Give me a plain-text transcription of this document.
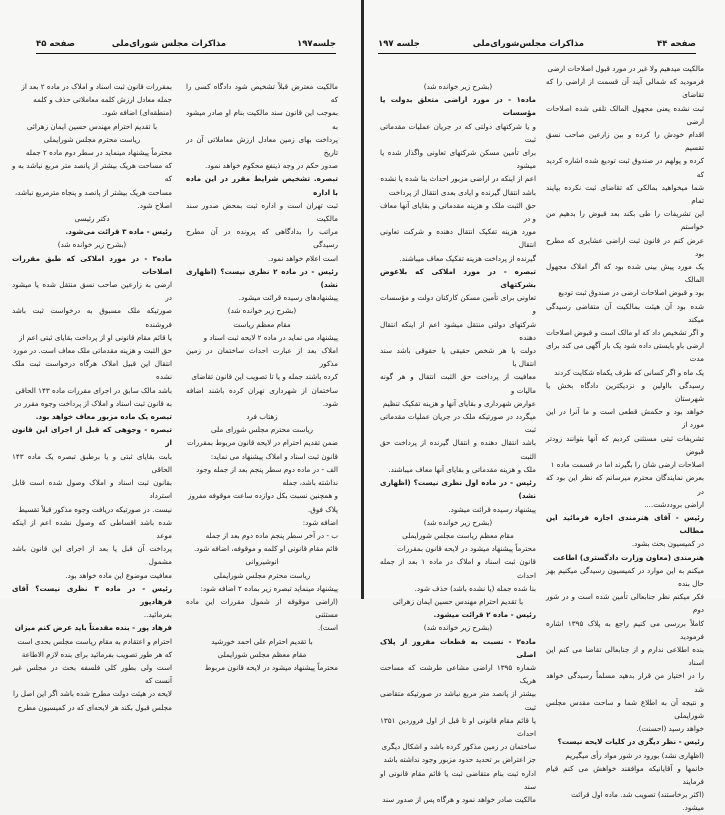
جلسه۱۹۷
مذاکرات مجلس شورای‌ملی
صفحه ۴۵

مالکیت معترض قبلاً تشخیص شود دادگاه کسی را که

بموجب این قانون سند مالکیت بنام او صادر میشود به

پرداخت بهای زمین معادل ارزش معاملاتی آن در تاریخ

صدور حکم در وجه ذینفع محکوم خواهد نمود.

تبصره. تشخیص شرایط مقرر در این ماده با اداره

ثبت تهران است و اداره ثبت بمحض صدور سند مالکیت

مراتب را بدادگاهی که پرونده در آن مطرح رسیدگی

است اعلام خواهد نمود.

رئیس - در ماده ۲ نظری نیست؟ (اظهاری نشد)

پیشنهادهای رسیده قرائت میشود.

(بشرح زیر خوانده شد)

مقام معظم ریاست

پیشنهاد می نماید در ماده ۲ لایحه ثبت اسناد و

املاک بعد از عبارت احداث ساختمان در زمین مذکور

کرده باشند جمله و یا تا تصویب این قانون تقاضای

ساختمان از شهرداری تهران کرده باشند اضافه شود.

زهتاب فرد

ریاست محترم مجلس شورای ملی

ضمن تقدیم احترام در لایحه قانون مربوط بمقررات

قانون ثبت اسناد و املاک پیشنهاد می نماید:

الف - در ماده دوم سطر پنجم بعد از جمله وجود

نداشته باشد، جمله

و همچنین نسبت بکل دوازده ساعت موقوفه مفروز

پلاک فوق.

اضافه شود:

ب - در آخر سطر پنجم ماده دوم بعد از جمله

قائم مقام قانونی او کلمه و موقوفه، اضافه شود.

انوشیروانی

ریاست محترم مجلس شورایملی

پیشنهاد مینماید تبصره زیر بماده ۲ اضافه شود:

(اراضی موقوفه از شمول مقررات این ماده مستثنی

است).

با تقدیم احترام علی احمد خورشید

مقام معظم مجلس شورایملی

محترماً پیشنهاد میشود در لایحه قانون مربوط

بمقررات قانون ثبت اسناد و املاک در ماده ۲ بعد از

جمله معادل ارزش کلمه معاملاتی حذف و کلمه

(منطقه‌ای) اضافه شود.

با تقدیم احترام مهندس حسین ایمان زهرائی

ریاست محترم مجلس شورایملی

محترماً پیشنهاد مینماید در سطر دوم ماده ۲ جمله

که مساحت هریک بیشتر از پانصد متر مربع نباشد به و که

مساحت هریک بیشتر از پانصد و پنجاه مترمربع نباشد،

اصلاح شود.

دکتر رئیسی

رئیس - ماده ۳ قرائت می‌شود.

(بشرح زیر خوانده شد)

ماده۳ - در مورد املاکی که طبق مقررات اصلاحات

ارضی به زارعین صاحب نسق منتقل شده یا میشود در

صورتیکه ملک مسبوق به درخواست ثبت باشد فروشنده

یا قائم مقام قانونی او از پرداخت بقایای ثبتی اعم از

حق الثبت و هزینه مقدماتی ملک معاف است. در مورد

انتقال این قبیل املاک هرگاه درخواست ثبت ملک نشده

باشد مالک سابق در اجرای مقررات ماده ۱۴۳ الحاقی

به قانون ثبت اسناد و املاک از پرداخت وجوه مقرر در

تبصره یک ماده مزبور معاف خواهد بود.

تبصره - وجوهی که قبل از اجرای این قانون از

بابت بقایای ثبتی و یا برطبق تبصره یک ماده ۱۴۳ الحاقی

بقانون ثبت اسناد و املاک وصول شده است قابل استرداد

نیست. در صورتیکه دریافت وجوه مذکور قبلاً تقسیط

شده باشد اقساطی که وصول نشده اعم از اینکه موعد

پرداخت آن قبل یا بعد از اجرای این قانون باشد مشمول

معافیت موضوع این ماده خواهد بود.

رئیس - در ماده ۳ نظری نیست؟ آقای فرهادپور

بفرمائید..

فرهاد پور - بنده مقدمتاً باید عرض کنم میزان

احترام و اعتقادم به مقام ریاست مجلس بحدی است

که هر طور تصویب بفرمائید برای بنده لازم الاطاعة

است ولی بطور کلی فلسفه بحث در مجلس غیر آنست که

لایحه در هیئت دولت مطرح شده باشد اگر این اصل را

مجلس قبول بکند هر لایحه‌ای که در کمیسیون مطرح

صفحه ۴۴
مذاکرات مجلس‌شورای‌ملی
جلسه ۱۹۷

مالکیت میدهیم ولا غیر در مورد قبول اصلاحات ارضی

فرمودید که شمالی آیند آن قسمت از اراضی را که تقاضای

ثبت نشده یعنی مجهول المالک تلقی شده اصلاحات ارضی

اقدام خودش را کرده و بین زارعین صاحب نسق تقسیم

کرده و پولهم در صندوق ثبت تودیع شده اشاره کردید که

شما میخواهید بمالکی که تقاضای ثبت نکرده بپایند تمام

این تشریفات را طی بکند بعد قبوض را بدهیم من خواستم

عرض کنم در قانون ثبت اراضی عشایری که مطرح بود

یک مورد پیش بینی شده بود که اگر املاک مجهول المالک

بود و قبوض اصلاحات ارضی در صندوق ثبت تودیع

شده بود آن هیئت بمالکیت آن متقاضی رسیدگی میکند

و اگر تشخیص داد که او مالک است و قبوض اصلاحات

ارضی باو بایستی داده شود یک بار آگهی می کند برای مدت

یک ماه و اگر کسانی که طرف یکماه شکایت کردند

رسیدگی بااولین و نزدیکترین دادگاه بخش یا شهرستان

خواهد بود و حکمش قطعی است و ما آنرا در این مورد از

تشریفات ثبتی مستثنی کردیم که آنها بتوانند زودتر قبوض

اصلاحات ارضی شان را بگیرند اما در قسمت ماده ۱

بعرض نمایندگان محترم میرسانم که نظر این بود که در

اراضی بروددشت....

رئیس - آقای هنرمندی اجازه فرمائید این مطالب

در کمیسیون بحث بشود.

هنرمندی (معاون وزارت دادگستری) اطاعت

میکنم به این موارد در کمیسیون رسیدگی میکنیم بهر حال بنده

فکر میکنم نظر جنابعالی تأمین شده است و در شور دوم

کاملاً بررسی می کنیم راجع به پلاک ۱۳۹۵ اشاره فرمودید

بنده اطلاعی ندارم و از جنابعالی تقاضا می کنم این اسناد

را در اختیار من قرار بدهید مسلماً رسیدگی خواهد شد

و نتیجه آن به اطلاع شما و ساحت مقدس مجلس شورایملی

خواهد رسید (احسنت).

رئیس - نظر دیگری در کلیات لایحه نیست؟

(اظهاری نشد) بورود در شور مواد رأی میگیریم

خانمها و آقایانیکه موافقند خواهش می کنم قیام فرمایند

(اکثر برخاستند) تصویب شد. ماده اول قرائت

میشود.

(بشرح زیر خوانده شد)

ماده۱ - در مورد اراضی متعلق بدولت یا مؤسسات

و یا شرکتهای دولتی که در جریان عملیات مقدماتی ثبت

برای تأمین مسکن شرکتهای تعاونی واگذار شده یا میشود

اعم از اینکه در اراضی مزبور احداث بنا شده یا نشده

باشد انتقال گیرنده و ایادی بعدی انتقال از پرداخت

حق الثبت ملک و هزینه مقدماتی و بقایای آنها معاف و در

مورد هزینه تفکیک انتقال دهنده و شرکت تعاونی انتقال

گیرنده از پرداخت هزینه تفکیک معاف میباشند.

تبصره - در مورد املاکی که بلاعوض بشرکتهای

تعاونی برای تأمین مسکن کارکنان دولت و مؤسسات و

شرکتهای دولتی منتقل میشود اعم از اینکه انتقال دهنده

دولت یا هر شخص حقیقی یا حقوقی باشد سند انتقال با

معافیت از پرداخت حق الثبت انتقال و هر گونه مالیات و

عوارض شهرداری و بقایای آنها و هزینه تفکیک تنظیم

میگردد در صورتیکه ملک در جریان عملیات مقدماتی ثبت

باشد انتقال دهنده و انتقال گیرنده از پرداخت حق الثبت

ملک و هزینه مقدماتی و بقایای آنها معاف میباشند.

رئیس - در ماده اول نظری نیست؟ (اظهاری نشد)

پیشنهاد رسیده قرائت میشود.

(بشرح زیر خوانده شد)

مقام معظم ریاست مجلس شورایملی

محترماً پیشنهاد میشود در لایحه قانون بمقررات

قانون ثبت اسناد و املاک در ماده ۱ بعد از جمله احداث

بنا شده جمله (یا نشده باشد) حذف شود.

با تقدیم احترام مهندس حسین ایمان زهرائی

رئیس - ماده ۲ قرائت میشود.

(بشرح زیر خوانده شد)

ماده۲ - نسبت به قطعات مفروز از پلاک اصلی

شماره ۱۳۹۵ اراضی مشاعی طرشت که مساحت هریک

بیشتر از پانصد متر مربع نباشد در صورتیکه متقاضی ثبت

یا قائم مقام قانونی او تا قبل از اول فروردین ۱۳۵۱ احداث

ساختمان در زمین مذکور کرده باشد و اشکال دیگری

جز اعتراض بر تحدید حدود مزبور وجود نداشته باشد

اداره ثبت بنام متقاضی ثبت یا قائم مقام قانونی او سند

مالکیت صادر خواهد نمود و هرگاه پس از صدور سند
